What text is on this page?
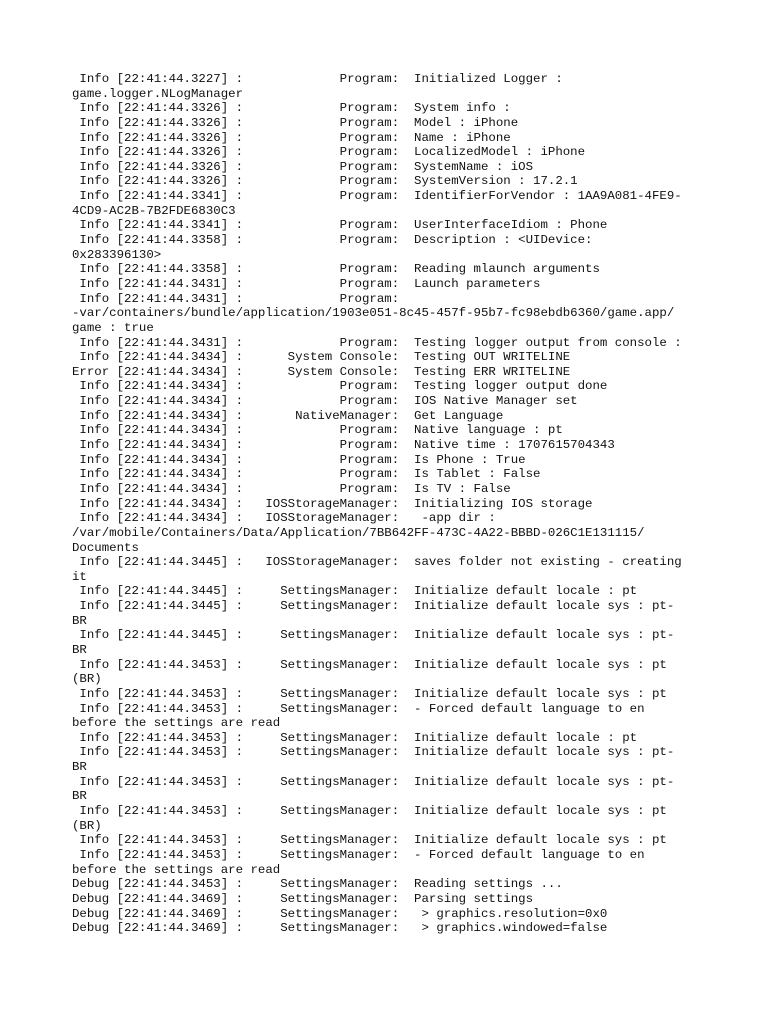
Info [22:41:44.3227] :             Program:  Initialized Logger :
game.logger.NLogManager
Info [22:41:44.3326] :             Program:  System info :
Info [22:41:44.3326] :             Program:  Model : iPhone
Info [22:41:44.3326] :             Program:  Name : iPhone
Info [22:41:44.3326] :             Program:  LocalizedModel : iPhone
Info [22:41:44.3326] :             Program:  SystemName : iOS
Info [22:41:44.3326] :             Program:  SystemVersion : 17.2.1
Info [22:41:44.3341] :             Program:  IdentifierForVendor : 1AA9A081-4FE9-
4CD9-AC2B-7B2FDE6830C3
Info [22:41:44.3341] :             Program:  UserInterfaceIdiom : Phone
Info [22:41:44.3358] :             Program:  Description : <UIDevice:
0x283396130>
Info [22:41:44.3358] :             Program:  Reading mlaunch arguments
Info [22:41:44.3431] :             Program:  Launch parameters
Info [22:41:44.3431] :             Program:
-var/containers/bundle/application/1903e051-8c45-457f-95b7-fc98ebdb6360/game.app/
game : true
Info [22:41:44.3431] :             Program:  Testing logger output from console :
Info [22:41:44.3434] :      System Console:  Testing OUT WRITELINE
Error [22:41:44.3434] :      System Console:  Testing ERR WRITELINE
Info [22:41:44.3434] :             Program:  Testing logger output done
Info [22:41:44.3434] :             Program:  IOS Native Manager set
Info [22:41:44.3434] :       NativeManager:  Get Language
Info [22:41:44.3434] :             Program:  Native language : pt
Info [22:41:44.3434] :             Program:  Native time : 1707615704343
Info [22:41:44.3434] :             Program:  Is Phone : True
Info [22:41:44.3434] :             Program:  Is Tablet : False
Info [22:41:44.3434] :             Program:  Is TV : False
Info [22:41:44.3434] :   IOSStorageManager:  Initializing IOS storage
Info [22:41:44.3434] :   IOSStorageManager:   -app dir :
/var/mobile/Containers/Data/Application/7BB642FF-473C-4A22-BBBD-026C1E131115/
Documents
Info [22:41:44.3445] :   IOSStorageManager:  saves folder not existing - creating
it
Info [22:41:44.3445] :     SettingsManager:  Initialize default locale : pt
Info [22:41:44.3445] :     SettingsManager:  Initialize default locale sys : pt-
BR
Info [22:41:44.3445] :     SettingsManager:  Initialize default locale sys : pt-
BR
Info [22:41:44.3453] :     SettingsManager:  Initialize default locale sys : pt
(BR)
Info [22:41:44.3453] :     SettingsManager:  Initialize default locale sys : pt
Info [22:41:44.3453] :     SettingsManager:  - Forced default language to en
before the settings are read
Info [22:41:44.3453] :     SettingsManager:  Initialize default locale : pt
Info [22:41:44.3453] :     SettingsManager:  Initialize default locale sys : pt-
BR
Info [22:41:44.3453] :     SettingsManager:  Initialize default locale sys : pt-
BR
Info [22:41:44.3453] :     SettingsManager:  Initialize default locale sys : pt
(BR)
Info [22:41:44.3453] :     SettingsManager:  Initialize default locale sys : pt
Info [22:41:44.3453] :     SettingsManager:  - Forced default language to en
before the settings are read
Debug [22:41:44.3453] :     SettingsManager:  Reading settings ...
Debug [22:41:44.3469] :     SettingsManager:  Parsing settings
Debug [22:41:44.3469] :     SettingsManager:   > graphics.resolution=0x0
Debug [22:41:44.3469] :     SettingsManager:   > graphics.windowed=false
